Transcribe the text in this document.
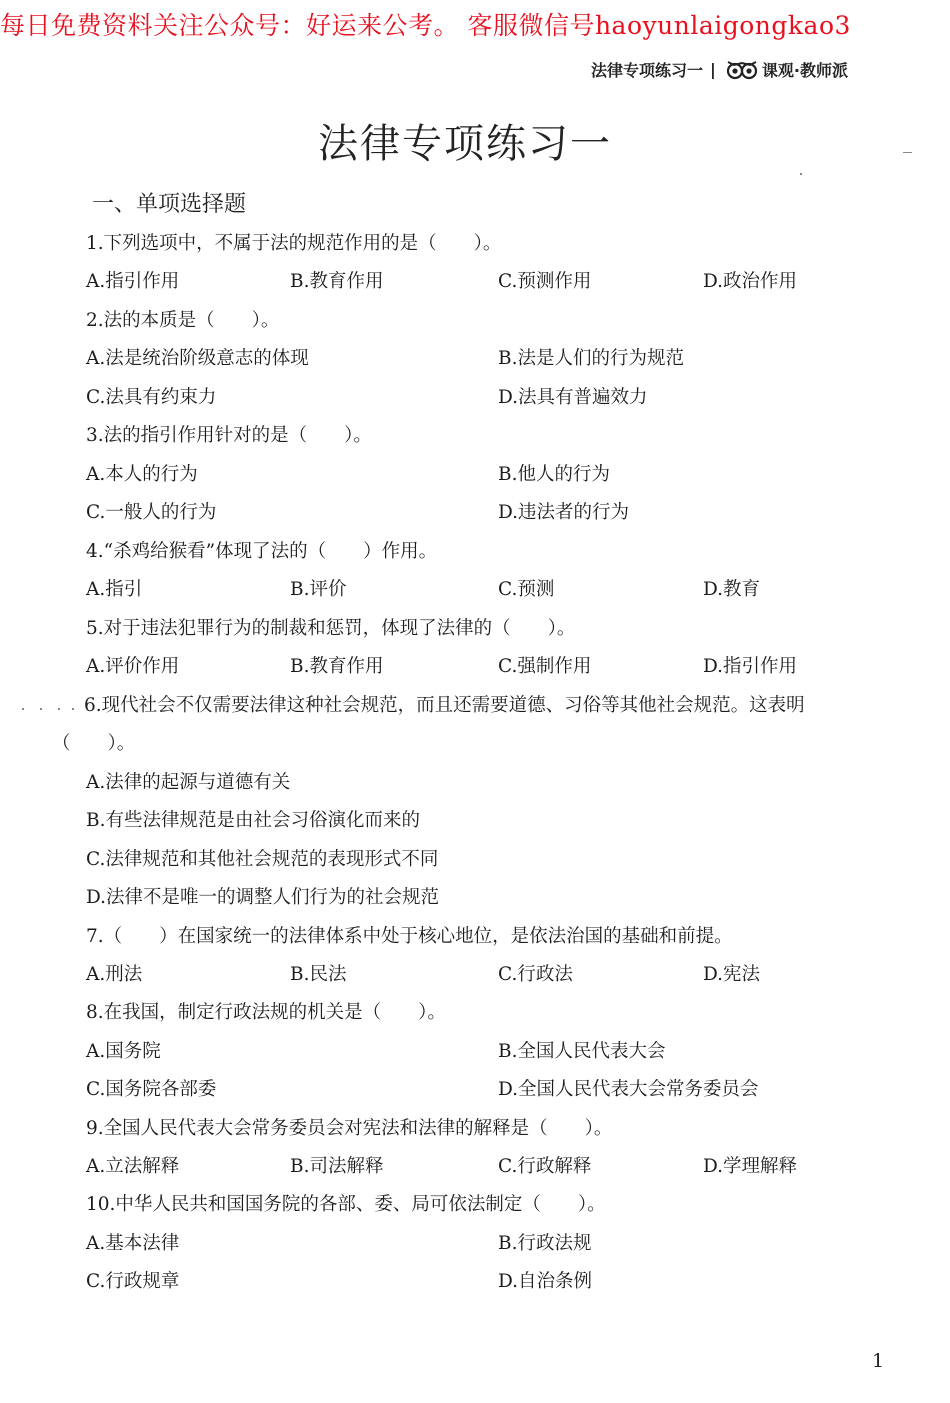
每日免费资料关注公众号：好运来公考。 客服微信号haoyunlaigongkao3
法律专项练习一 |	课观·教师派
法律专项练习一
一、单项选择题
1.下列选项中，不属于法的规范作用的是（　　）。
A.指引作用	B.教育作用	C.预测作用	D.政治作用
2.法的本质是（　　）。
A.法是统治阶级意志的体现	B.法是人们的行为规范
C.法具有约束力	D.法具有普遍效力
3.法的指引作用针对的是（　　）。
A.本人的行为	B.他人的行为
C.一般人的行为	D.违法者的行为
4.“杀鸡给猴看”体现了法的（　　）作用。
A.指引	B.评价	C.预测	D.教育
5.对于违法犯罪行为的制裁和惩罚，体现了法律的（　　）。
A.评价作用	B.教育作用	C.强制作用	D.指引作用
6.现代社会不仅需要法律这种社会规范，而且还需要道德、习俗等其他社会规范。这表明
（　　）。
A.法律的起源与道德有关
B.有些法律规范是由社会习俗演化而来的
C.法律规范和其他社会规范的表现形式不同
D.法律不是唯一的调整人们行为的社会规范
7.（　　）在国家统一的法律体系中处于核心地位，是依法治国的基础和前提。
A.刑法	B.民法	C.行政法	D.宪法
8.在我国，制定行政法规的机关是（　　）。
A.国务院	B.全国人民代表大会
C.国务院各部委	D.全国人民代表大会常务委员会
9.全国人民代表大会常务委员会对宪法和法律的解释是（　　）。
A.立法解释	B.司法解释	C.行政解释	D.学理解释
10.中华人民共和国国务院的各部、委、局可依法制定（　　）。
A.基本法律	B.行政法规
C.行政规章	D.自治条例
1
